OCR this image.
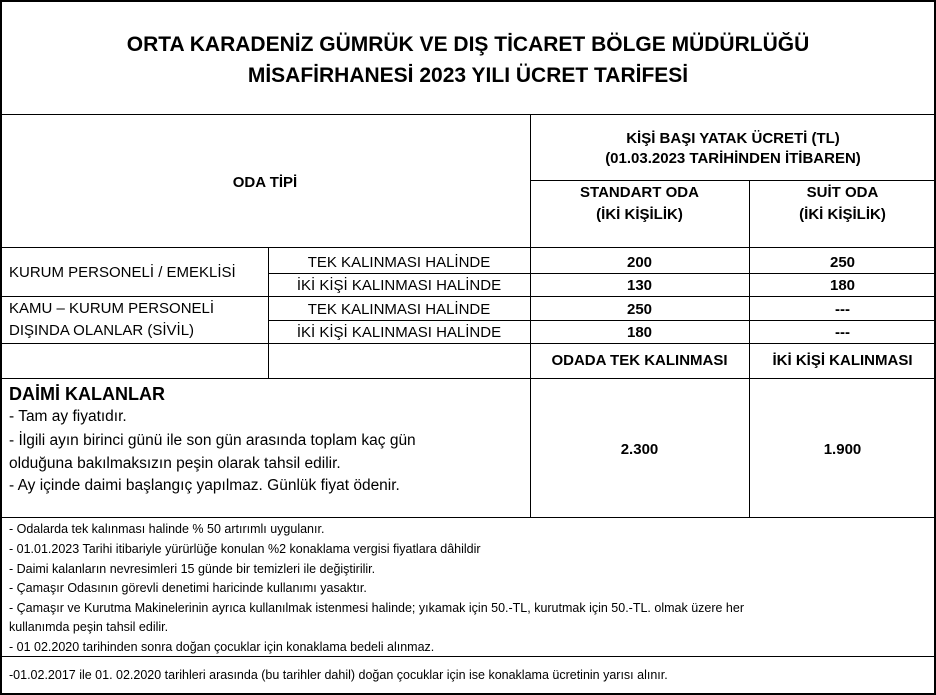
ORTA KARADENİZ GÜMRÜK VE DIŞ TİCARET BÖLGE MÜDÜRLÜĞÜ
MİSAFİRHANESİ 2023 YILI ÜCRET TARİFESİ
ODA TİPİ
KİŞİ BAŞI YATAK ÜCRETİ (TL)
(01.03.2023 TARİHİNDEN İTİBAREN)
STANDART ODA
(İKİ KİŞİLİK)
SUİT ODA
(İKİ KİŞİLİK)
KURUM PERSONELİ / EMEKLİSİ
TEK KALINMASI HALİNDE	200	250
İKİ KİŞİ KALINMASI HALİNDE	130	180
KAMU – KURUM PERSONELİ
DIŞINDA OLANLAR (SİVİL)
TEK KALINMASI HALİNDE	250	---
İKİ KİŞİ KALINMASI HALİNDE	180	---
ODADA TEK KALINMASI	İKİ KİŞİ KALINMASI
DAİMİ KALANLAR
- Tam ay fiyatıdır.
- İlgili ayın birinci günü ile son gün arasında toplam kaç gün
olduğuna bakılmaksızın peşin olarak tahsil edilir.
- Ay içinde daimi başlangıç yapılmaz. Günlük fiyat ödenir.
2.300	1.900
- Odalarda tek kalınması halinde % 50 artırımlı uygulanır.
- 01.01.2023 Tarihi itibariyle yürürlüğe konulan %2 konaklama vergisi fiyatlara dâhildir
- Daimi kalanların nevresimleri 15 günde bir temizleri ile değiştirilir.
- Çamaşır Odasının görevli denetimi haricinde kullanımı yasaktır.
- Çamaşır ve Kurutma Makinelerinin ayrıca kullanılmak istenmesi halinde; yıkamak için 50.-TL, kurutmak için 50.-TL. olmak üzere her
kullanımda peşin tahsil edilir.
- 01 02.2020 tarihinden sonra doğan çocuklar için konaklama bedeli alınmaz.
-01.02.2017 ile 01. 02.2020 tarihleri arasında (bu tarihler dahil) doğan çocuklar için ise konaklama ücretinin yarısı alınır.
